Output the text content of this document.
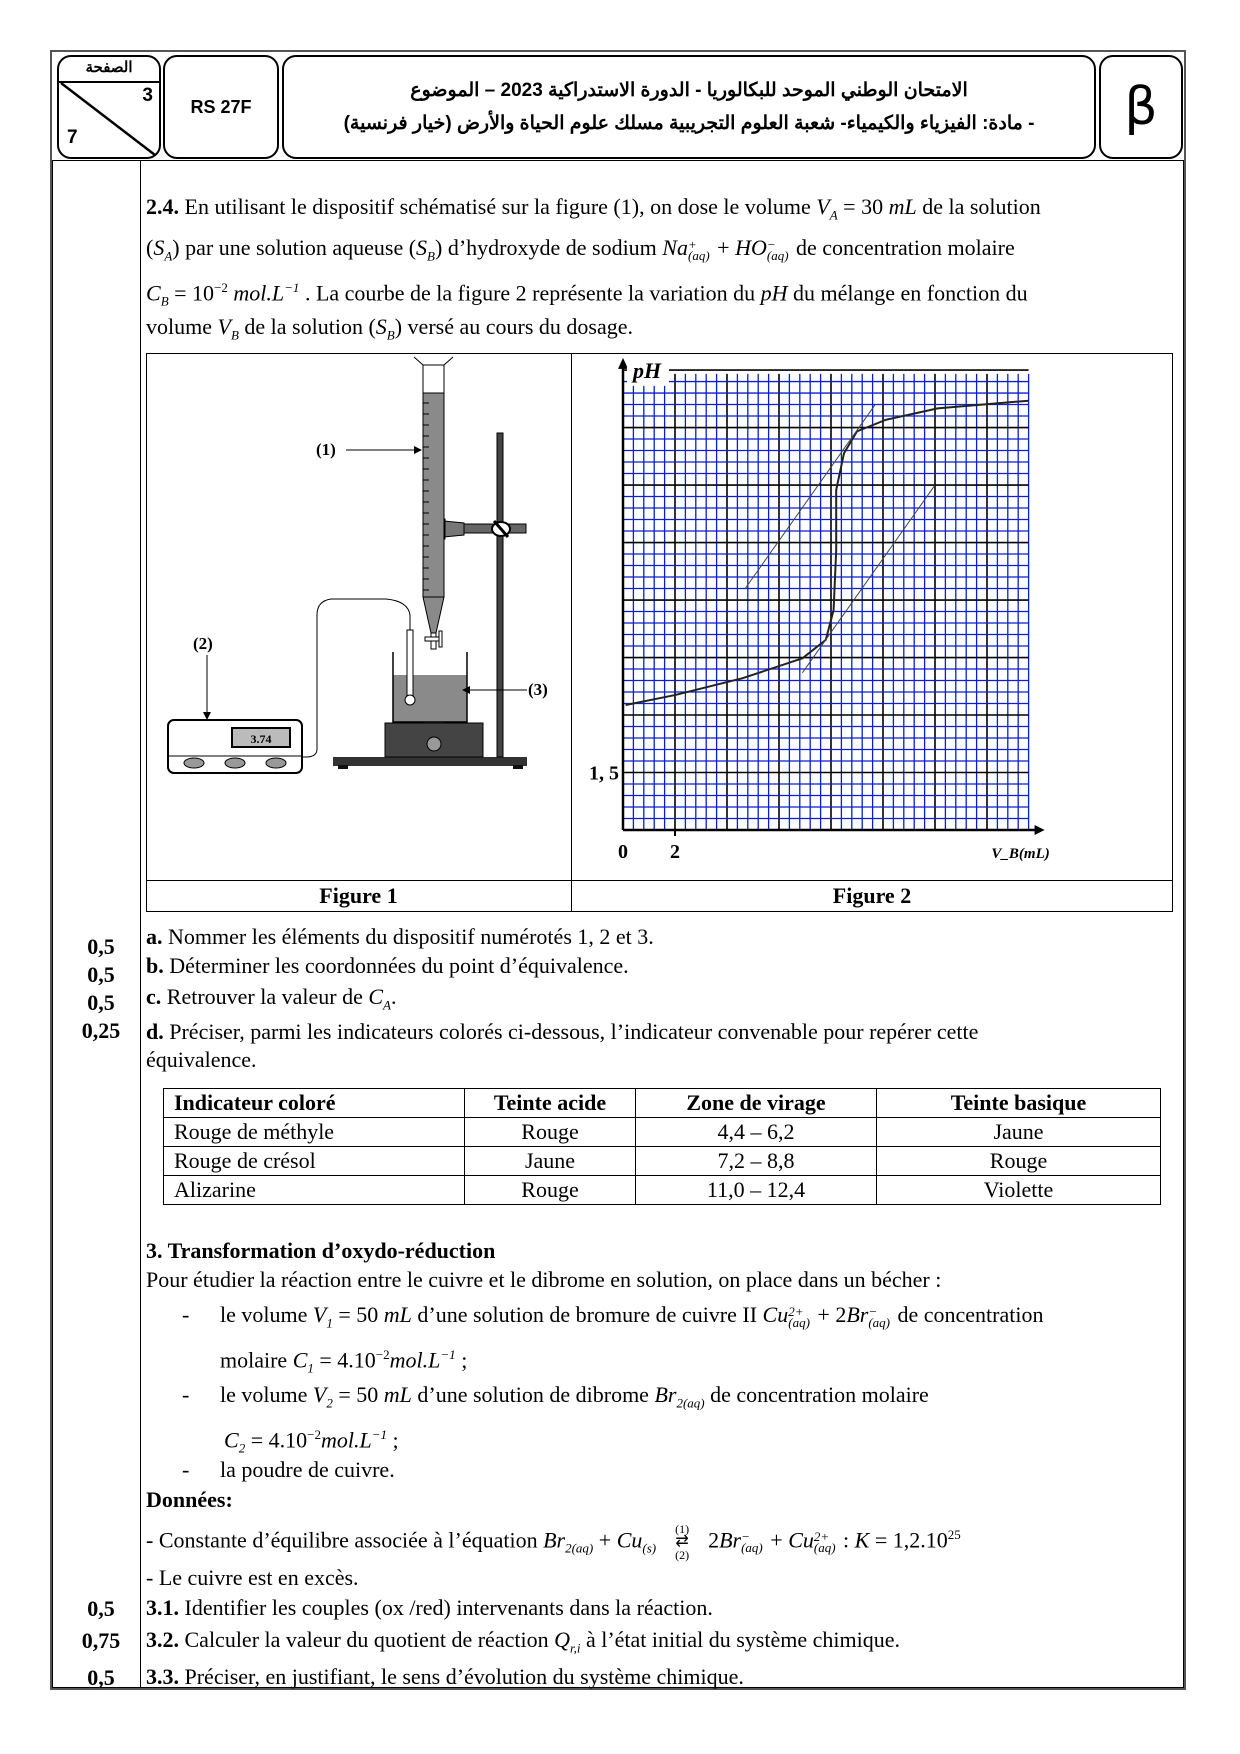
الصفحة
3
7
RS 27F
الامتحان الوطني الموحد للبكالوريا - الدورة الاستدراكية 2023 – الموضوع
- مادة: الفيزياء والكيمياء- شعبة العلوم التجريبية مسلك علوم الحياة والأرض (خيار فرنسية)	β
2.4. En utilisant le dispositif schématisé sur la figure (1), on dose le volume $V_A = 30$ mL de la solution
$(S_A)$ par une solution aqueuse $(S_B)$ d’hydroxyde de sodium Na +
(aq) + HO −
(aq) de concentration molaire
$C_B = 10^{-2}$ $mol.L^{-1}$ . La courbe de la figure 2 représente la variation du pH du mélange en fonction du
volume $V_B$ de la solution $(S_B)$ versé au cours du dosage.
Figure 1	Figure 2
3.74
(1)
(2)
(3)
pH
0 2
1, 5
V_B(mL)
0,5
0,5
0,5
0,25
a. Nommer les éléments du dispositif numérotés 1, 2 et 3.
b. Déterminer les coordonnées du point d’équivalence.
c. Retrouver la valeur de $C_A$.
d. Préciser, parmi les indicateurs colorés ci-dessous, l’indicateur convenable pour repérer cette
équivalence.
Indicateur coloré	Teinte acide	Zone de virage	Teinte basique
Rouge de méthyle	Rouge	4,4 – 6,2	Jaune
Rouge de crésol	Jaune	7,2 – 8,8	Rouge
Alizarine	Rouge	11,0 – 12,4	Violette
3. Transformation d’oxydo-réduction
Pour étudier la réaction entre le cuivre et le dibrome en solution, on place dans un bécher :
- le volume $V_1 = 50$ mL d’une solution de bromure de cuivre II Cu 2+
(aq) + 2Br −
(aq) de concentration
molaire $C_1 = 4.10^{-2}mol.L^{-1}$ ;
- le volume $V_2 = 50$ mL d’une solution de dibrome $Br_{2(aq)}$ de concentration molaire
$C_2 = 4.10^{-2}mol.L^{-1}$ ;
- la poudre de cuivre.
Données:
- Constante d’équilibre associée à l’équation $Br_{2(aq)} + Cu_{(s)}(1)$
⇄
(2)2Br −
(aq) + Cu 2+
(aq) : $K = 1,2.10^{25}$
- Le cuivre est en excès.
0,5
0,75
0,5
3.1. Identifier les couples (ox /red) intervenants dans la réaction.
3.2. Calculer la valeur du quotient de réaction $Q_{r,i}$ à l’état initial du système chimique.
3.3. Préciser, en justifiant, le sens d’évolution du système chimique.
